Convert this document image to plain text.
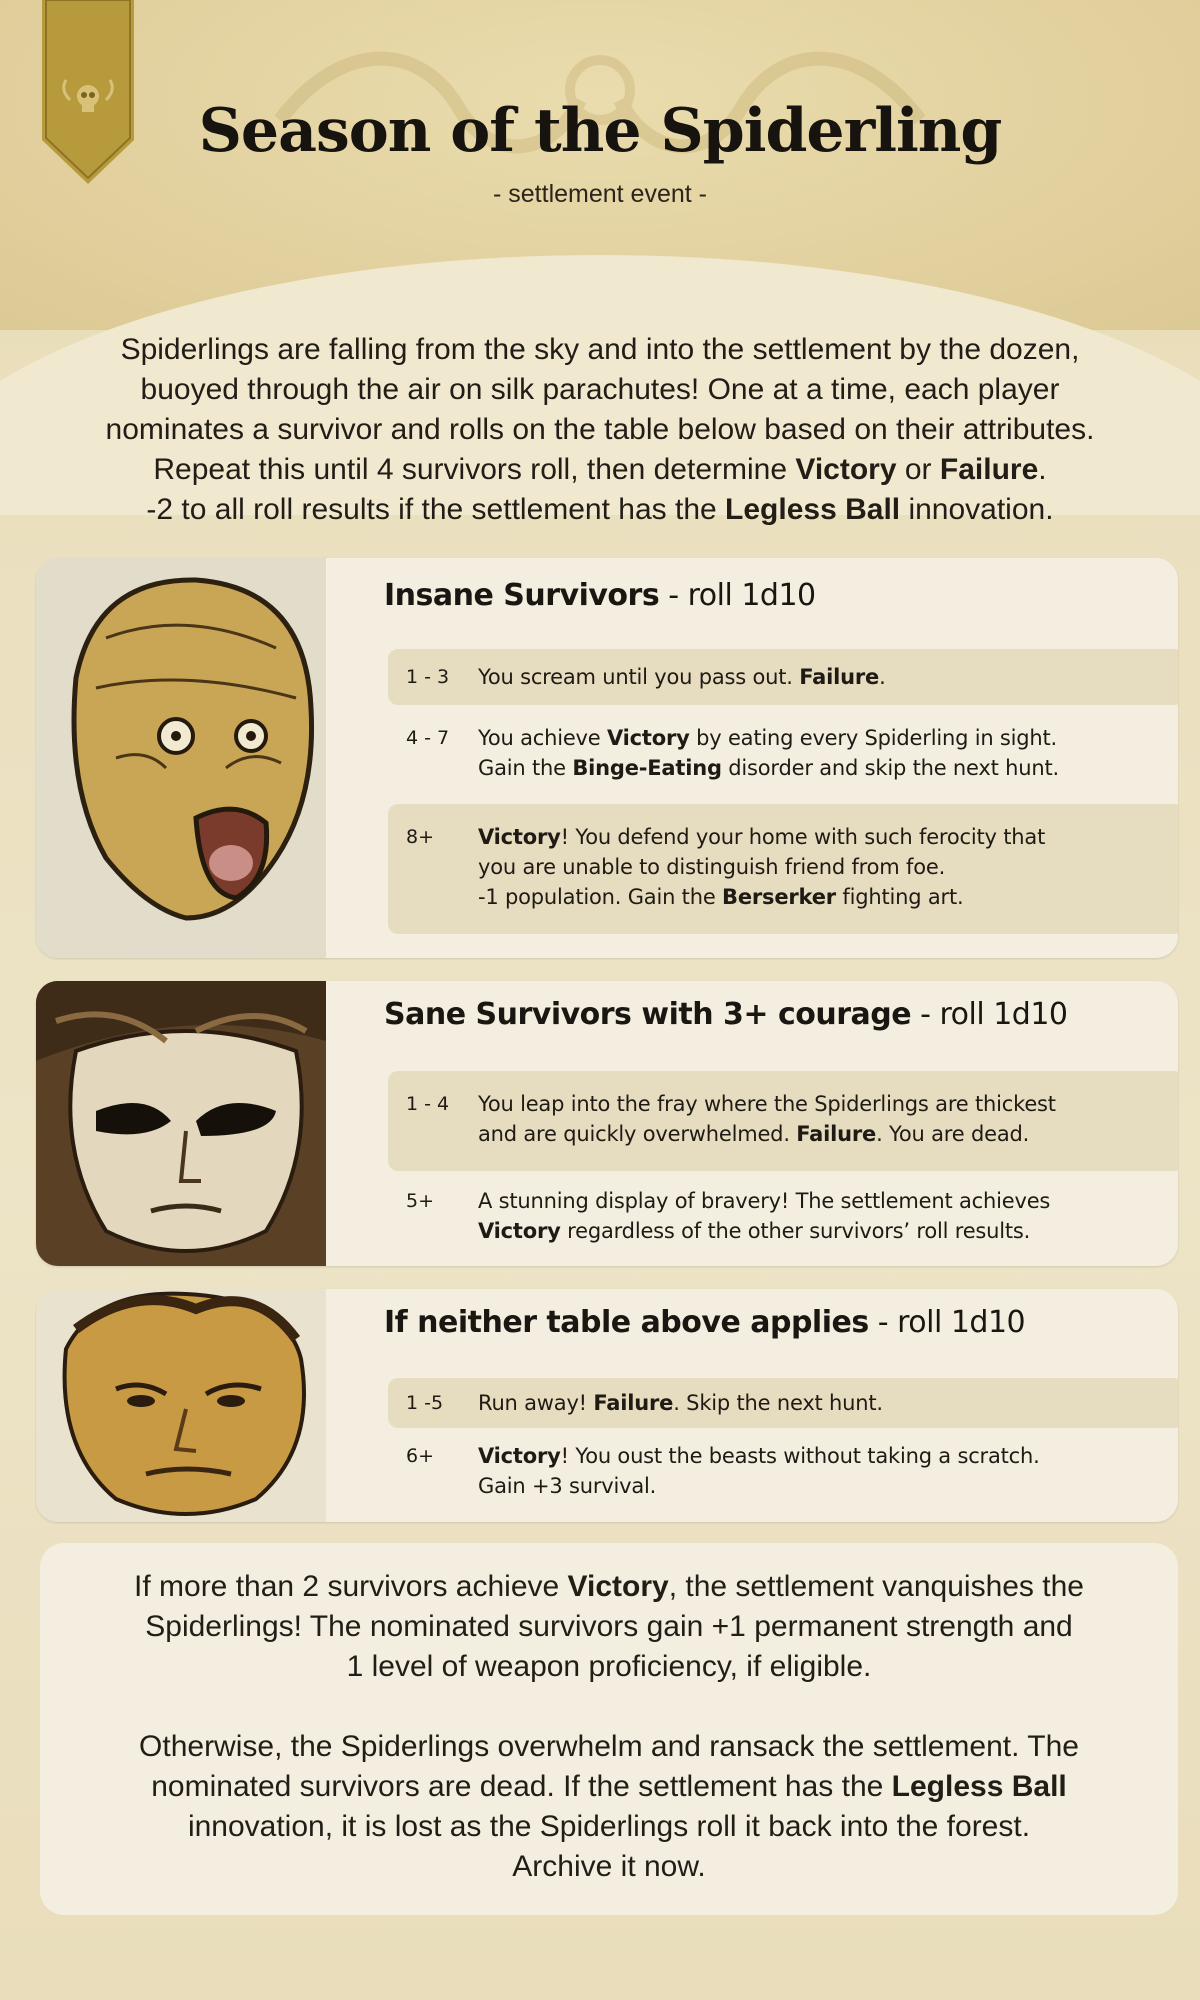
Season of the Spiderling
- settlement event -

Spiderlings are falling from the sky and into the settlement by the dozen,

buoyed through the air on silk parachutes! One at a time, each player

nominates a survivor and rolls on the table below based on their attributes.

Repeat this until 4 survivors roll, then determine Victory or Failure.

-2 to all roll results if the settlement has the Legless Ball innovation.

Insane Survivors - roll 1d10
1 - 3	You scream until you pass out. Failure.
4 - 7	You achieve Victory by eating every Spiderling in sight.
Gain the Binge-Eating disorder and skip the next hunt.
8+	Victory! You defend your home with such ferocity that
you are unable to distinguish friend from foe.
-1 population. Gain the Berserker fighting art.
Sane Survivors with 3+ courage - roll 1d10
1 - 4	You leap into the fray where the Spiderlings are thickest
and are quickly overwhelmed. Failure. You are dead.
5+	A stunning display of bravery! The settlement achieves
Victory regardless of the other survivors’ roll results.
If neither table above applies - roll 1d10
1 -5	Run away! Failure. Skip the next hunt.
6+	Victory! You oust the beasts without taking a scratch.
Gain +3 survival.

If more than 2 survivors achieve Victory, the settlement vanquishes the

Spiderlings! The nominated survivors gain +1 permanent strength and

1 level of weapon proficiency, if eligible.

Otherwise, the Spiderlings overwhelm and ransack the settlement. The

nominated survivors are dead. If the settlement has the Legless Ball

innovation, it is lost as the Spiderlings roll it back into the forest.

Archive it now.
